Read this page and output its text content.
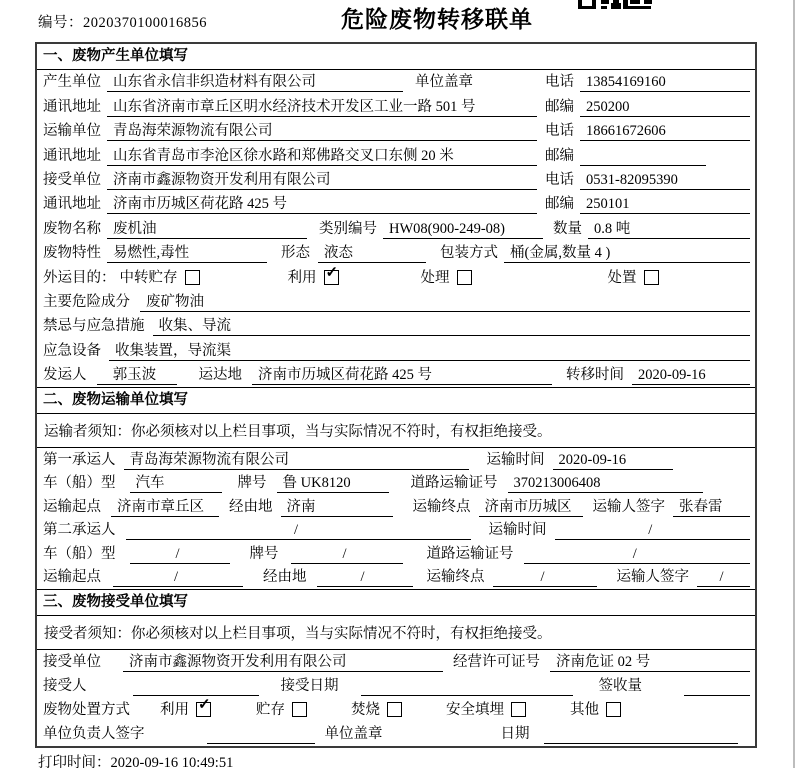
编号：2020370100016856	危险废物转移联单
一、废物产生单位填写
产生单位 山东省永信非织造材料有限公司	单位盖章	电话 13854169160
通讯地址 山东省济南市章丘区明水经济技术开发区工业一路 501 号	邮编 250200
运输单位 青岛海荣源物流有限公司	电话 18661672606
通讯地址 山东省青岛市李沧区徐水路和郑佛路交叉口东侧 20 米	邮编
接受单位 济南市鑫源物资开发利用有限公司	电话 0531-82095390
通讯地址 济南市历城区荷花路 425 号	邮编 250101
废物名称 废机油	类别编号 HW08(900-249-08)	数量 0.8 吨
废物特性 易燃性,毒性	形态 液态	包装方式 桶(金属,数量 4 )
外运目的： 中转贮存	利用 ✓	处理	处置
主要危险成分	废矿物油
禁忌与应急措施 收集、导流
应急设备 收集装置，导流渠
发运人	郭玉波	运达地	济南市历城区荷花路 425 号	转移时间 2020-09-16
二、废物运输单位填写
运输者须知：你必须核对以上栏目事项，当与实际情况不符时，有权拒绝接受。
第一承运人 青岛海荣源物流有限公司	运输时间 2020-09-16
车（船）型	汽车	牌号	鲁 UK8120	道路运输证号	370213006408
运输起点	济南市章丘区	经由地 济南	运输终点 济南市历城区	运输人签字 张春雷
第二承运人	/	运输时间	/
车（船）型	/	牌号	/	道路运输证号	/
运输起点	/	经由地	/	运输终点	/	运输人签字	/
三、废物接受单位填写
接受者须知：你必须核对以上栏目事项，当与实际情况不符时，有权拒绝接受。
接受单位	济南市鑫源物资开发利用有限公司	经营许可证号	济南危证 02 号
接受人	接受日期	签收量
废物处置方式 利用 ✓	贮存	焚烧	安全填埋	其他
单位负责人签字	单位盖章	日期
打印时间：2020-09-16 10:49:51
